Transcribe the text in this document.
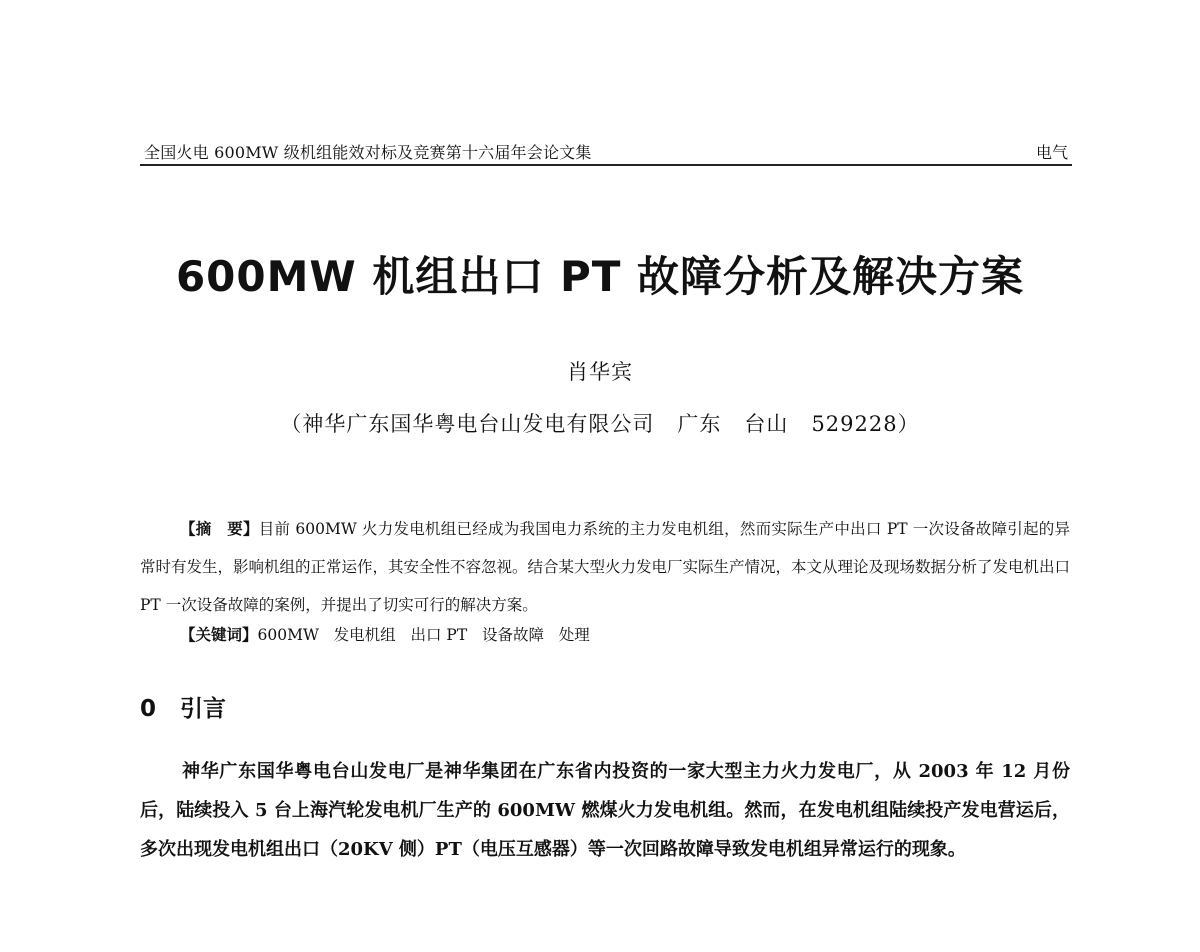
全国火电 600MW 级机组能效对标及竞赛第十六届年会论文集	电气
600MW 机组出口 PT 故障分析及解决方案
肖华宾
（神华广东国华粤电台山发电有限公司   广东   台山   529228）
【摘　要】目前 600MW 火力发电机组已经成为我国电力系统的主力发电机组，然而实际生产中出口 PT 一次设备故障引起的异常时有发生，影响机组的正常运作，其安全性不容忽视。结合某大型火力发电厂实际生产情况，本文从理论及现场数据分析了发电机出口 PT 一次设备故障的案例，并提出了切实可行的解决方案。
【关键词】600MW   发电机组   出口 PT   设备故障   处理
0   引言
神华广东国华粤电台山发电厂是神华集团在广东省内投资的一家大型主力火力发电厂，从 2003 年 12 月份后，陆续投入 5 台上海汽轮发电机厂生产的 600MW 燃煤火力发电机组。然而，在发电机组陆续投产发电营运后，多次出现发电机组出口（20KV 侧）PT（电压互感器）等一次回路故障导致发电机组异常运行的现象。
